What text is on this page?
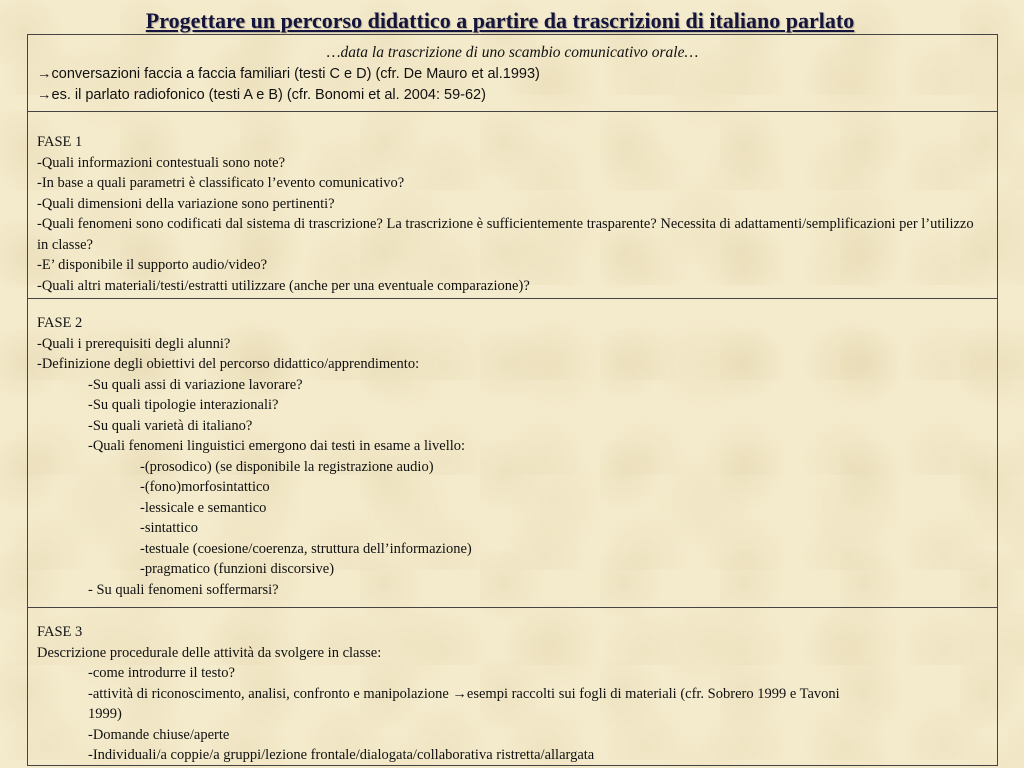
Progettare un percorso didattico a partire da trascrizioni di italiano parlato
…data la trascrizione di uno scambio comunicativo orale…
→conversazioni faccia a faccia familiari (testi C e D) (cfr. De Mauro et al.1993)
→es. il parlato radiofonico (testi A e B) (cfr. Bonomi et al. 2004: 59-62)
FASE 1
-Quali informazioni contestuali sono note?
-In base a quali parametri è classificato l’evento comunicativo?
-Quali dimensioni della variazione sono pertinenti?
-Quali fenomeni sono codificati dal sistema di trascrizione? La trascrizione è sufficientemente trasparente? Necessita di adattamenti/semplificazioni per l’utilizzo in classe?
-E’ disponibile il supporto audio/video?
-Quali altri materiali/testi/estratti utilizzare (anche per una eventuale comparazione)?
FASE 2
-Quali i prerequisiti degli alunni?
-Definizione degli obiettivi del percorso didattico/apprendimento:
-Su quali assi di variazione lavorare?
-Su quali tipologie interazionali?
-Su quali varietà di italiano?
-Quali fenomeni linguistici emergono dai testi in esame a livello:
-(prosodico) (se disponibile la registrazione audio)
-(fono)morfosintattico
-lessicale e semantico
-sintattico
-testuale (coesione/coerenza, struttura dell’informazione)
-pragmatico (funzioni discorsive)
- Su quali fenomeni soffermarsi?
FASE 3
Descrizione procedurale delle attività da svolgere in classe:
-come introdurre il testo?
-attività di riconoscimento, analisi, confronto e manipolazione →esempi raccolti sui fogli di materiali (cfr. Sobrero 1999 e Tavoni
1999)
-Domande chiuse/aperte
-Individuali/a coppie/a gruppi/lezione frontale/dialogata/collaborativa ristretta/allargata
